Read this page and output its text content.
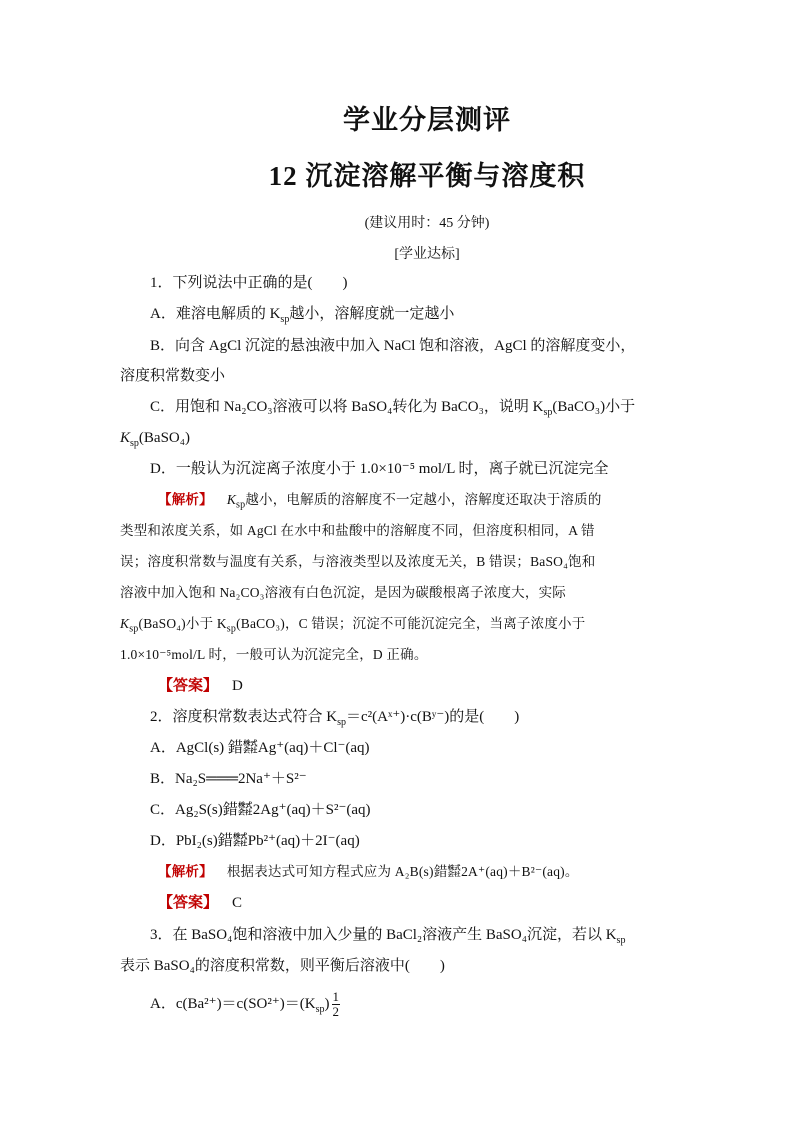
学业分层测评
12 沉淀溶解平衡与溶度积
(建议用时：45 分钟)
[学业达标]
1．下列说法中正确的是(　　)
A．难溶电解质的 $K_{sp}$越小，溶解度就一定越小
B．向含 AgCl 沉淀的悬浊液中加入 NaCl 饱和溶液，AgCl 的溶解度变小，
溶度积常数变小
C．用饱和 Na₂CO₃溶液可以将 BaSO₄转化为 BaCO₃，说明 $K_{sp}(BaCO_3)$小于
$K_{sp}(BaSO_4)$
D．一般认为沉淀离子浓度小于 1.0×10⁻⁵ mol/L 时，离子就已沉淀完全
【解析】 $K_{sp}$越小，电解质的溶解度不一定越小，溶解度还取决于溶质的
类型和浓度关系，如 AgCl 在水中和盐酸中的溶解度不同，但溶度积相同，A 错
误；溶度积常数与温度有关系，与溶液类型以及浓度无关，B 错误；BaSO₄饱和
溶液中加入饱和 Na₂CO₃溶液有白色沉淀，是因为碳酸根离子浓度大，实际
$K_{sp}(BaSO_4)$小于 $K_{sp}(BaCO_3)$，C 错误；沉淀不可能沉淀完全，当离子浓度小于
1.0×10⁻⁵mol/L 时，一般可认为沉淀完全，D 正确。
【答案】 D
2．溶度积常数表达式符合 $K_{sp}=c^2(Aˣ^+)\cdot c(Bʸ^-)$的是(　　)
A．AgCl(s) 錯㍿Ag⁺(aq)＋Cl⁻(aq)
B．Na₂S═══2Na⁺＋S²⁻
C．Ag₂S(s)錯㍿2Ag⁺(aq)＋S²⁻(aq)
D．PbI₂(s)錯㍿Pb²⁺(aq)＋2I⁻(aq)
【解析】 根据表达式可知方程式应为 A₂B(s)錯㍿2A⁺(aq)＋B²⁻(aq)。
【答案】 C
3．在 BaSO₄饱和溶液中加入少量的 BaCl₂溶液产生 BaSO₄沉淀，若以 $K_{sp}$
表示 BaSO₄的溶度积常数，则平衡后溶液中(　　)
A．$c(Ba^{2+})=c(SO^{2+})=(K_{sp}) \frac{1}{2}$
